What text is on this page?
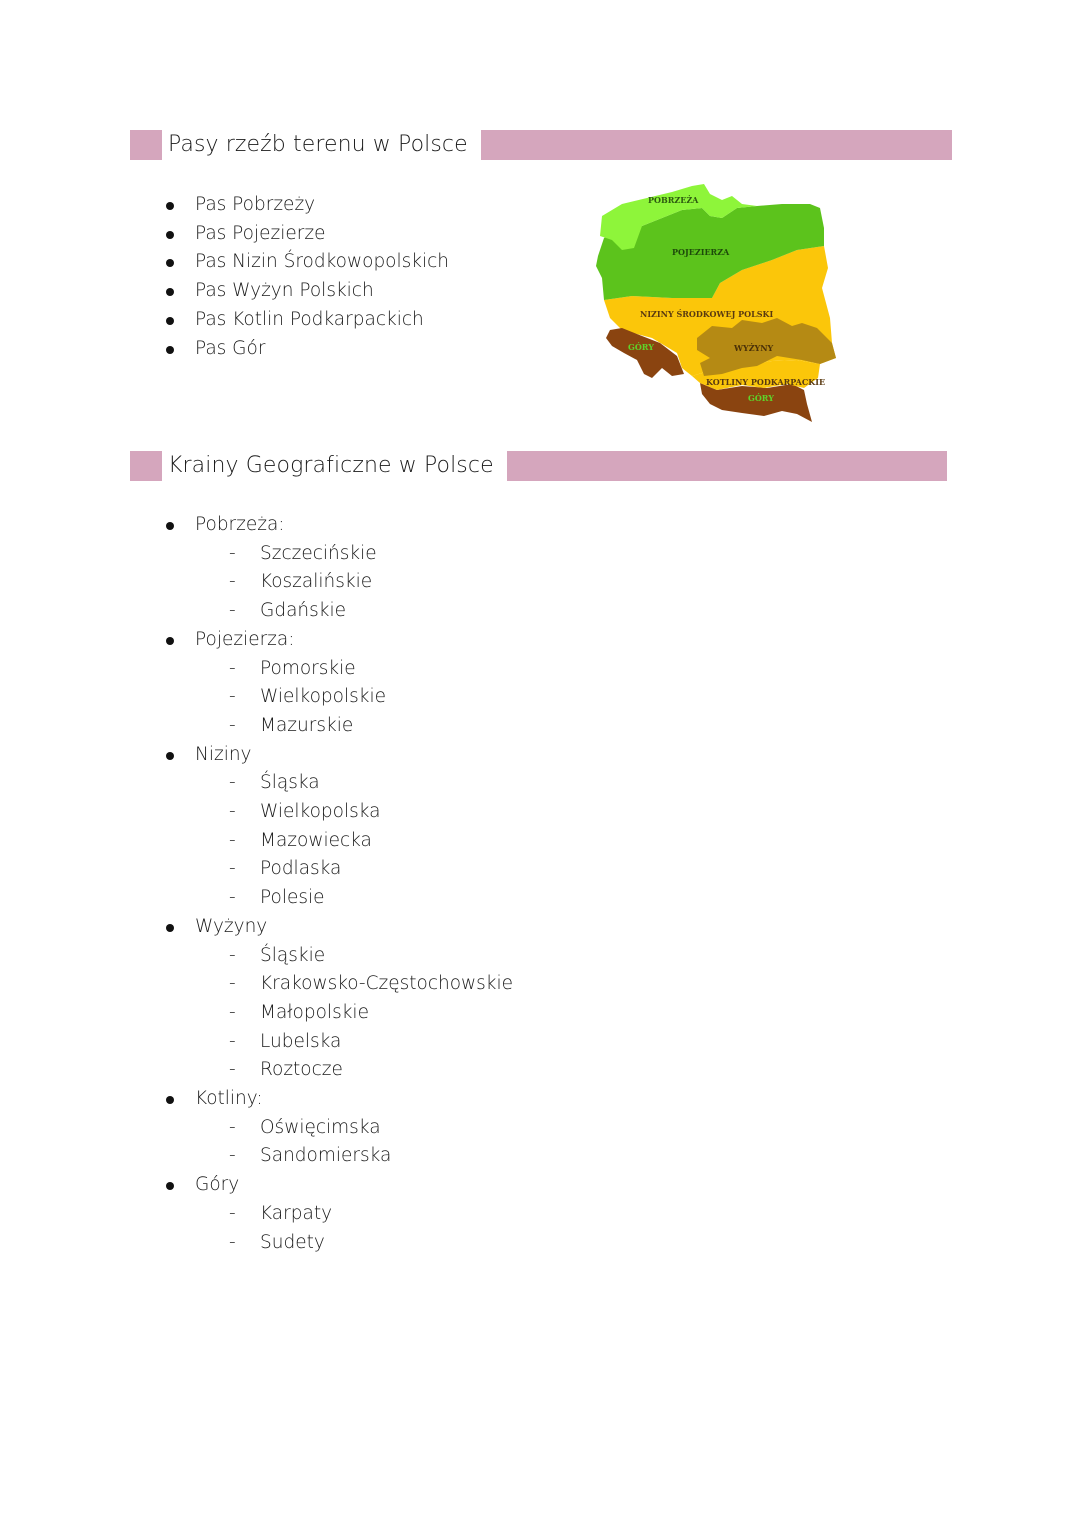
Pasy rzeźb terenu w Polsce
Pas Pobrzeży
Pas Pojezierze
Pas Nizin Środkowopolskich
Pas Wyżyn Polskich
Pas Kotlin Podkarpackich
Pas Gór
POBRZEŻA
POJEZIERZA
NIZINY ŚRODKOWEJ POLSKI
WYŻYNY
KOTLINY PODKARPACKIE
GÓRY
GÓRY
Krainy Geograficzne w Polsce
Pobrzeża:
- Szczecińskie
- Koszalińskie
- Gdańskie
Pojezierza:
- Pomorskie
- Wielkopolskie
- Mazurskie
Niziny
- Śląska
- Wielkopolska
- Mazowiecka
- Podlaska
- Polesie
Wyżyny
- Śląskie
- Krakowsko-Częstochowskie
- Małopolskie
- Lubelska
- Roztocze
Kotliny:
- Oświęcimska
- Sandomierska
Góry
- Karpaty
- Sudety
